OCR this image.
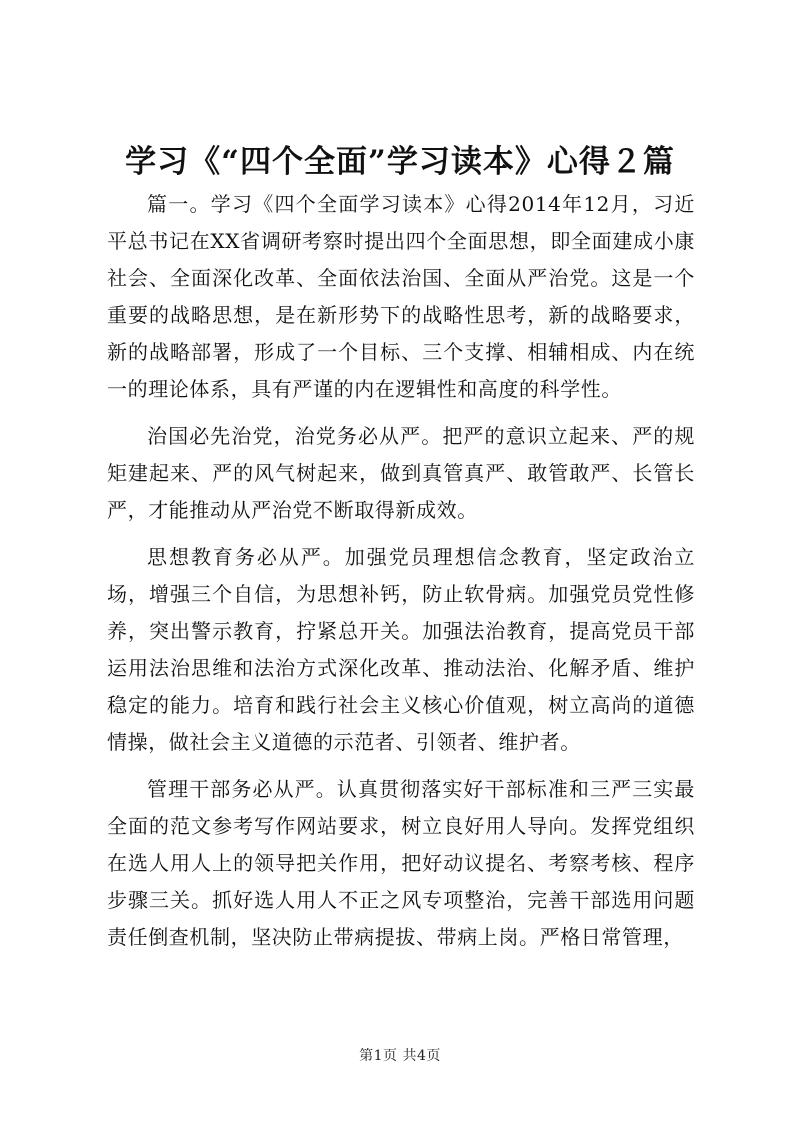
学习《“四个全面”学习读本》心得２篇

篇一。学习《四个全面学习读本》心得2014年12月，习近平总书记在XX省调研考察时提出四个全面思想，即全面建成小康社会、全面深化改革、全面依法治国、全面从严治党。这是一个重要的战略思想，是在新形势下的战略性思考，新的战略要求，新的战略部署，形成了一个目标、三个支撑、相辅相成、内在统一的理论体系，具有严谨的内在逻辑性和高度的科学性。

治国必先治党，治党务必从严。把严的意识立起来、严的规矩建起来、严的风气树起来，做到真管真严、敢管敢严、长管长严，才能推动从严治党不断取得新成效。

思想教育务必从严。加强党员理想信念教育，坚定政治立场，增强三个自信，为思想补钙，防止软骨病。加强党员党性修养，突出警示教育，拧紧总开关。加强法治教育，提高党员干部运用法治思维和法治方式深化改革、推动法治、化解矛盾、维护稳定的能力。培育和践行社会主义核心价值观，树立高尚的道德情操，做社会主义道德的示范者、引领者、维护者。

管理干部务必从严。认真贯彻落实好干部标准和三严三实最全面的范文参考写作网站要求，树立良好用人导向。发挥党组织在选人用人上的领导把关作用，把好动议提名、考察考核、程序步骤三关。抓好选人用人不正之风专项整治，完善干部选用问题责任倒查机制，坚决防止带病提拔、带病上岗。严格日常管理，

第1页 共4页
